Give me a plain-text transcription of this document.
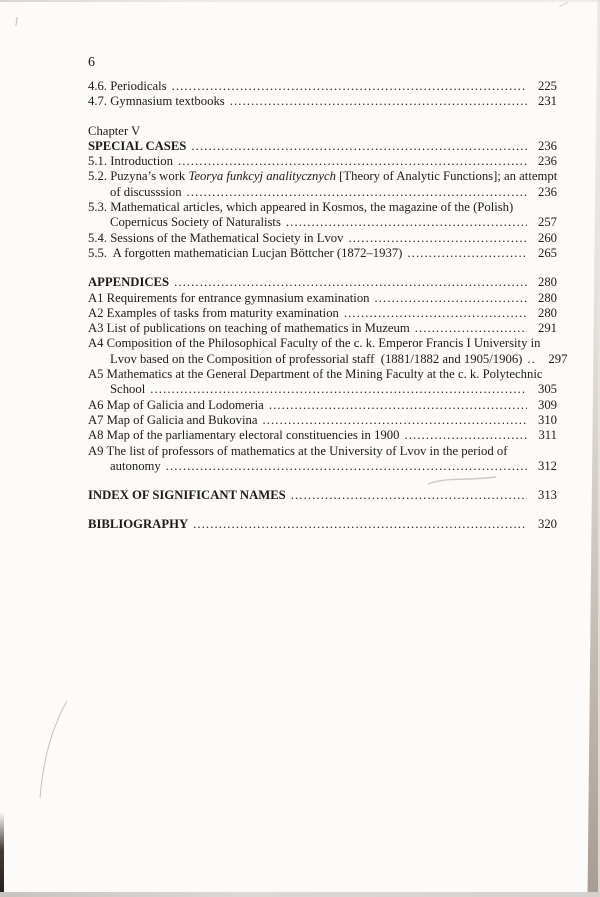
6
4.6. Periodicals .....	225
4.7. Gymnasium textbooks .....	231
Chapter V
SPECIAL CASES .....	236
5.1. Introduction .....	236
5.2. Puzyna’s work Teorya funkcyj analitycznych [Theory of Analytic Functions]; an attempt
of discusssion .....	236
5.3. Mathematical articles, which appeared in Kosmos, the magazine of the (Polish)
Copernicus Society of Naturalists .....	257
5.4. Sessions of the Mathematical Society in Lvov .....	260
5.5.  A forgotten mathematician Lucjan Böttcher (1872–1937) .....	265
APPENDICES .....	280
A1 Requirements for entrance gymnasium examination .....	280
A2 Examples of tasks from maturity examination .....	280
A3 List of publications on teaching of mathematics in Muzeum .....	291
A4 Composition of the Philosophical Faculty of the c. k. Emperor Francis I University in
Lvov based on the Composition of professorial staff  (1881/1882 and 1905/1906) .....	297
A5 Mathematics at the General Department of the Mining Faculty at the c. k. Polytechnic
School .....	305
A6 Map of Galicia and Lodomeria .....	309
A7 Map of Galicia and Bukovina .....	310
A8 Map of the parliamentary electoral constituencies in 1900 .....	311
A9 The list of professors of mathematics at the University of Lvov in the period of
autonomy .....	312
INDEX OF SIGNIFICANT NAMES .....	313
BIBLIOGRAPHY .....	320
